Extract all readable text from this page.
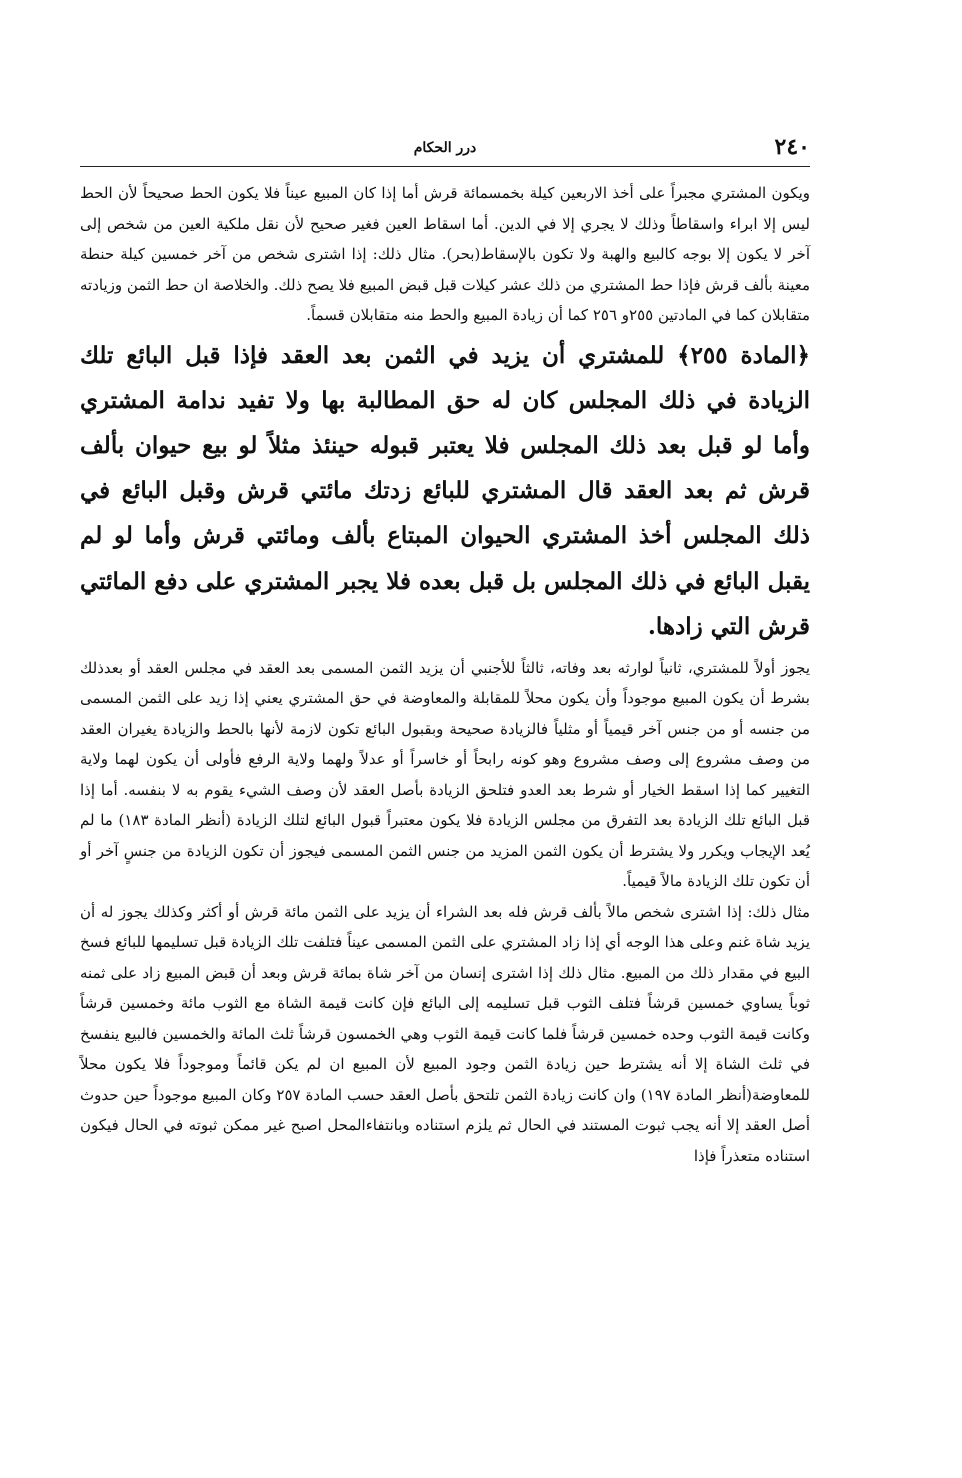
٢٤٠
درر الحكام

ويكون المشتري مجبراً على أخذ الاربعين كيلة بخمسمائة قرش أما إذا كان المبيع عيناً فلا يكون الحط صحيحاً لأن الحط ليس إلا ابراء واسقاطاً وذلك لا يجري إلا في الدين. أما اسقاط العين فغير صحيح لأن نقل ملكية العين من شخص إلى آخر لا يكون إلا بوجه كالبيع والهبة ولا تكون بالإسقاط(بحر). مثال ذلك: إذا اشترى شخص من آخر خمسين كيلة حنطة معينة بألف قرش فإذا حط المشتري من ذلك عشر كيلات قبل قبض المبيع فلا يصح ذلك. والخلاصة ان حط الثمن وزيادته متقابلان كما في المادتين ٢٥٥و ٢٥٦ كما أن زيادة المبيع والحط منه متقابلان قسماً.

﴿المادة ٢٥٥﴾ للمشتري أن يزيد في الثمن بعد العقد فإذا قبل البائع تلك الزيادة في ذلك المجلس كان له حق المطالبة بها ولا تفيد ندامة المشتري وأما لو قبل بعد ذلك المجلس فلا يعتبر قبوله حينئذ مثلاً لو بيع حيوان بألف قرش ثم بعد العقد قال المشتري للبائع زدتك مائتي قرش وقبل البائع في ذلك المجلس أخذ المشتري الحيوان المبتاع بألف ومائتي قرش وأما لو لم يقبل البائع في ذلك المجلس بل قبل بعده فلا يجبر المشتري على دفع المائتي قرش التي زادها.

يجوز أولاً للمشتري، ثانياً لوارثه بعد وفاته، ثالثاً للأجنبي أن يزيد الثمن المسمى بعد العقد في مجلس العقد أو بعدذلك بشرط أن يكون المبيع موجوداً وأن يكون محلاً للمقابلة والمعاوضة في حق المشتري يعني إذا زيد على الثمن المسمى من جنسه أو من جنس آخر قيمياً أو مثلياً فالزيادة صحيحة وبقبول البائع تكون لازمة لأنها بالحط والزيادة يغيران العقد من وصف مشروع إلى وصف مشروع وهو كونه رابحاً أو خاسراً أو عدلاً ولهما ولاية الرفع فأولى أن يكون لهما ولاية التغيير كما إذا اسقط الخيار أو شرط بعد العدو فتلحق الزيادة بأصل العقد لأن وصف الشيء يقوم به لا بنفسه. أما إذا قبل البائع تلك الزيادة بعد التفرق من مجلس الزيادة فلا يكون معتبراً قبول البائع لتلك الزيادة (أنظر المادة ١٨٣) ما لم يُعد الإيجاب ويكرر ولا يشترط أن يكون الثمن المزيد من جنس الثمن المسمى فيجوز أن تكون الزيادة من جنسٍ آخر أو أن تكون تلك الزيادة مالاً قيمياً.

مثال ذلك: إذا اشترى شخص مالاً بألف قرش فله بعد الشراء أن يزيد على الثمن مائة قرش أو أكثر وكذلك يجوز له أن يزيد شاة غنم وعلى هذا الوجه أي إذا زاد المشتري على الثمن المسمى عيناً فتلفت تلك الزيادة قبل تسليمها للبائع فسخ البيع في مقدار ذلك من المبيع. مثال ذلك إذا اشترى إنسان من آخر شاة بمائة قرش وبعد أن قبض المبيع زاد على ثمنه ثوباً يساوي خمسين قرشاً فتلف الثوب قبل تسليمه إلى البائع فإن كانت قيمة الشاة مع الثوب مائة وخمسين قرشاً وكانت قيمة الثوب وحده خمسين قرشاً فلما كانت قيمة الثوب وهي الخمسون قرشاً ثلث المائة والخمسين فالبيع ينفسخ في ثلث الشاة إلا أنه يشترط حين زيادة الثمن وجود المبيع لأن المبيع ان لم يكن قائماً وموجوداً فلا يكون محلاً للمعاوضة(أنظر المادة ١٩٧) وان كانت زيادة الثمن تلتحق بأصل العقد حسب المادة ٢٥٧ وكان المبيع موجوداً حين حدوث أصل العقد إلا أنه يجب ثبوت المستند في الحال ثم يلزم استناده وبانتفاءالمحل اصبح غير ممكن ثبوته في الحال فيكون استناده متعذراً فإذا
